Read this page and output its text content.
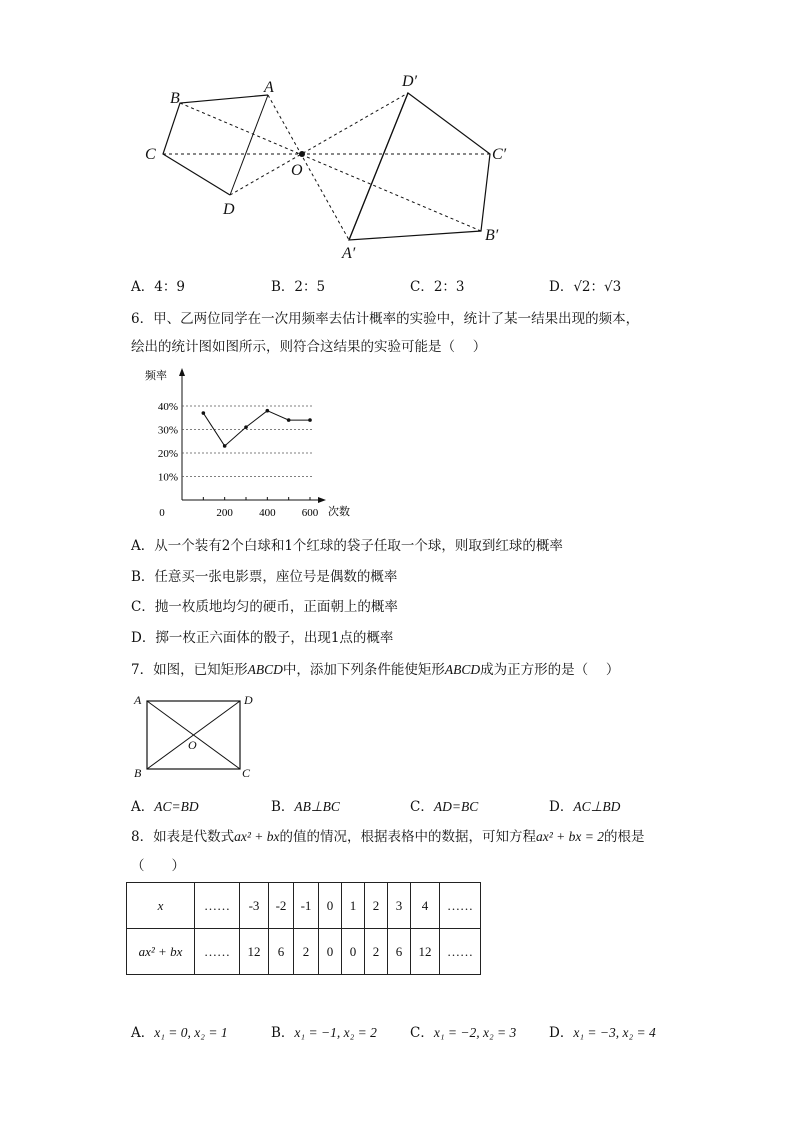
B
A
C
O
D
D′
C′
B′
A′
A．4：9	B．2：5	C．2：3	D．√2：√3
6．甲、乙两位同学在一次用频率去估计概率的实验中，统计了某一结果出现的频本，
绘出的统计图如图所示，则符合这结果的实验可能是（　 ）
频率
次数
10%
20%
30%
40%
0	200 400 600
A．从一个装有2个白球和1个红球的袋子任取一个球，则取到红球的概率
B．任意买一张电影票，座位号是偶数的概率
C．抛一枚质地均匀的硬币，正面朝上的概率
D．掷一枚正六面体的骰子，出现1点的概率
7．如图，已知矩形ABCD中，添加下列条件能使矩形ABCD成为正方形的是（　 ）
A	D
O
B	C
A．AC=BD	B．AB⊥BC	C．AD=BC	D．AC⊥BD
8．如表是代数式ax² + bx的值的情况，根据表格中的数据，可知方程ax² + bx = 2的根是
（　　）
x	……	-3	-2	-1	0	1	2	3	4	……
ax² + bx	……	12	6	2	0	0	2	6	12	……
A．x₁ = 0, x₂ = 1	B．x₁ = −1, x₂ = 2 C．x₁ = −2, x₂ = 3 D．x₁ = −3, x₂ = 4
